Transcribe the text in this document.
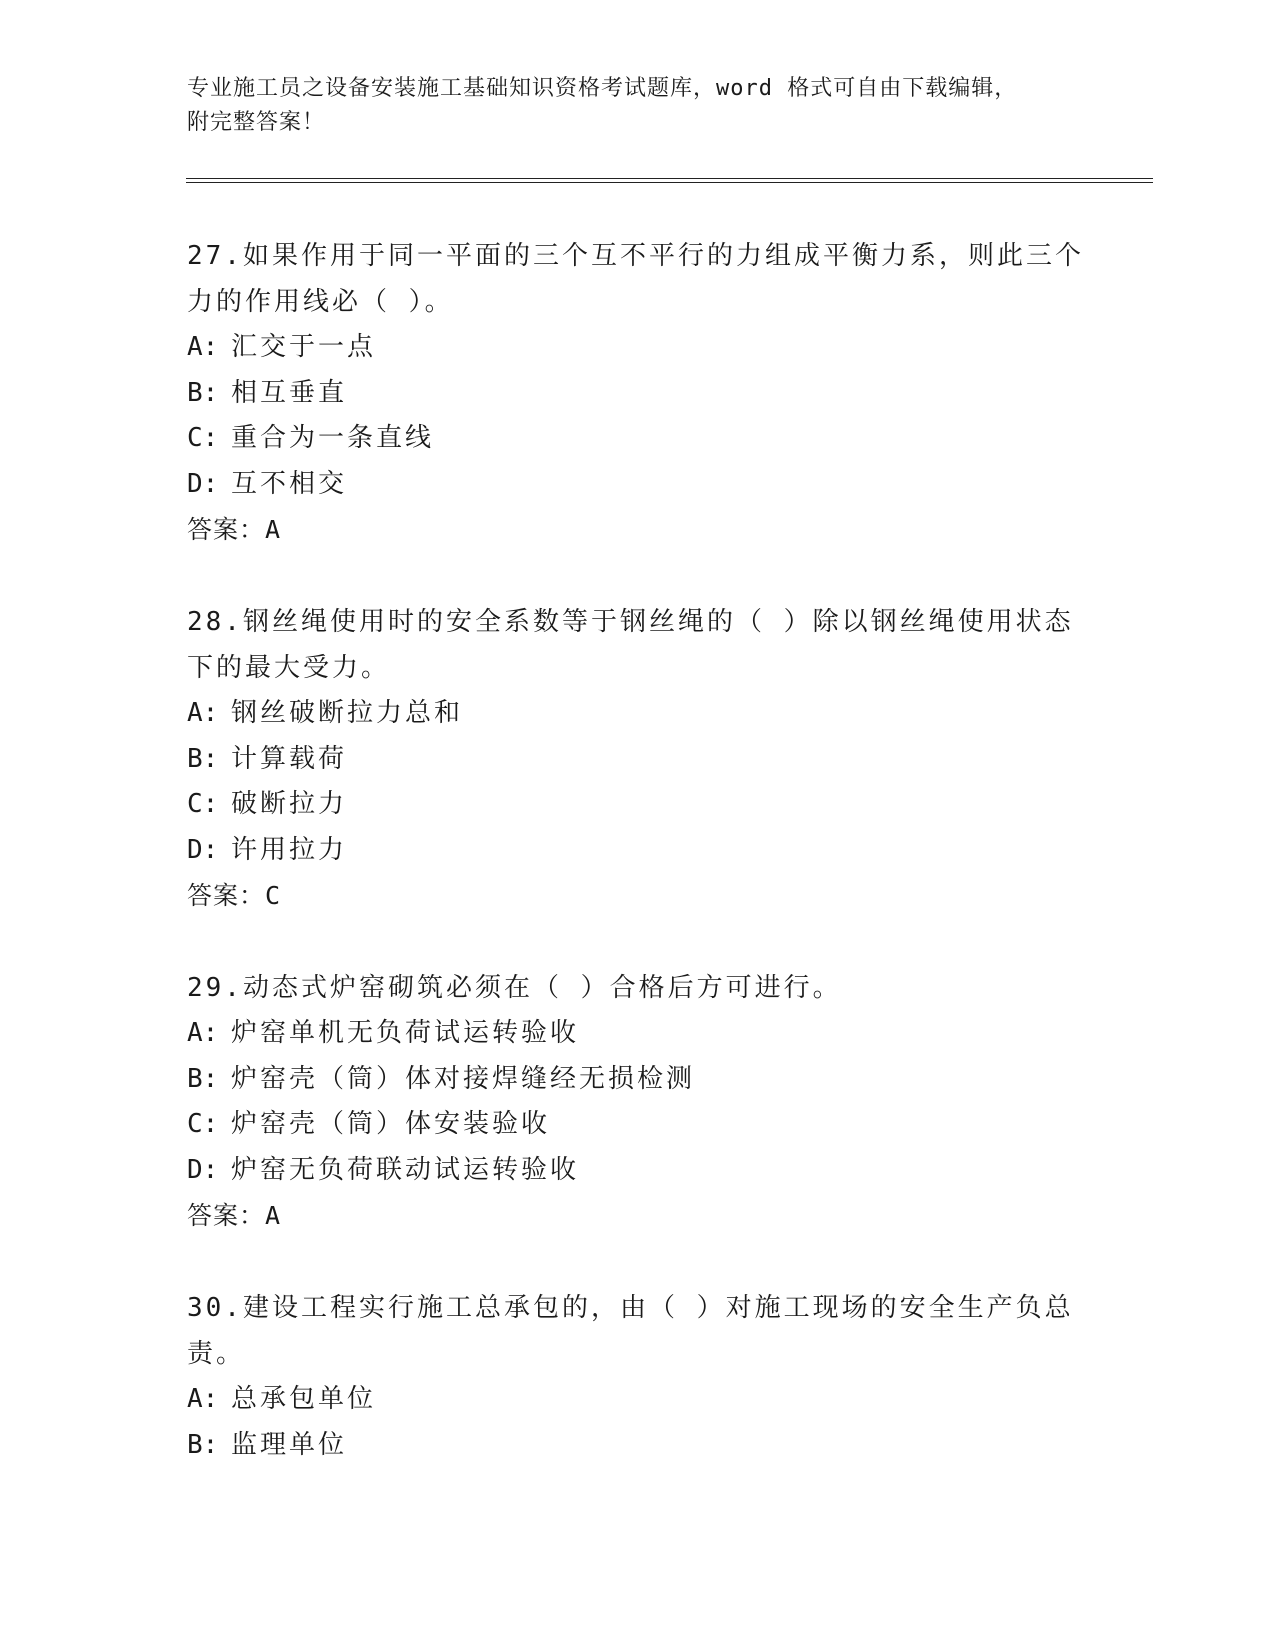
专业施工员之设备安装施工基础知识资格考试题库，word 格式可自由下载编辑，
附完整答案！
27.如果作用于同一平面的三个互不平行的力组成平衡力系，则此三个力的作用线必（ ）。
A: 汇交于一点
B: 相互垂直
C: 重合为一条直线
D: 互不相交
答案：A
28.钢丝绳使用时的安全系数等于钢丝绳的（ ）除以钢丝绳使用状态下的最大受力。
A: 钢丝破断拉力总和
B: 计算载荷
C: 破断拉力
D: 许用拉力
答案：C
29.动态式炉窑砌筑必须在（ ）合格后方可进行。
A: 炉窑单机无负荷试运转验收
B: 炉窑壳（筒）体对接焊缝经无损检测
C: 炉窑壳（筒）体安装验收
D: 炉窑无负荷联动试运转验收
答案：A
30.建设工程实行施工总承包的，由（ ）对施工现场的安全生产负总责。
A: 总承包单位
B: 监理单位
